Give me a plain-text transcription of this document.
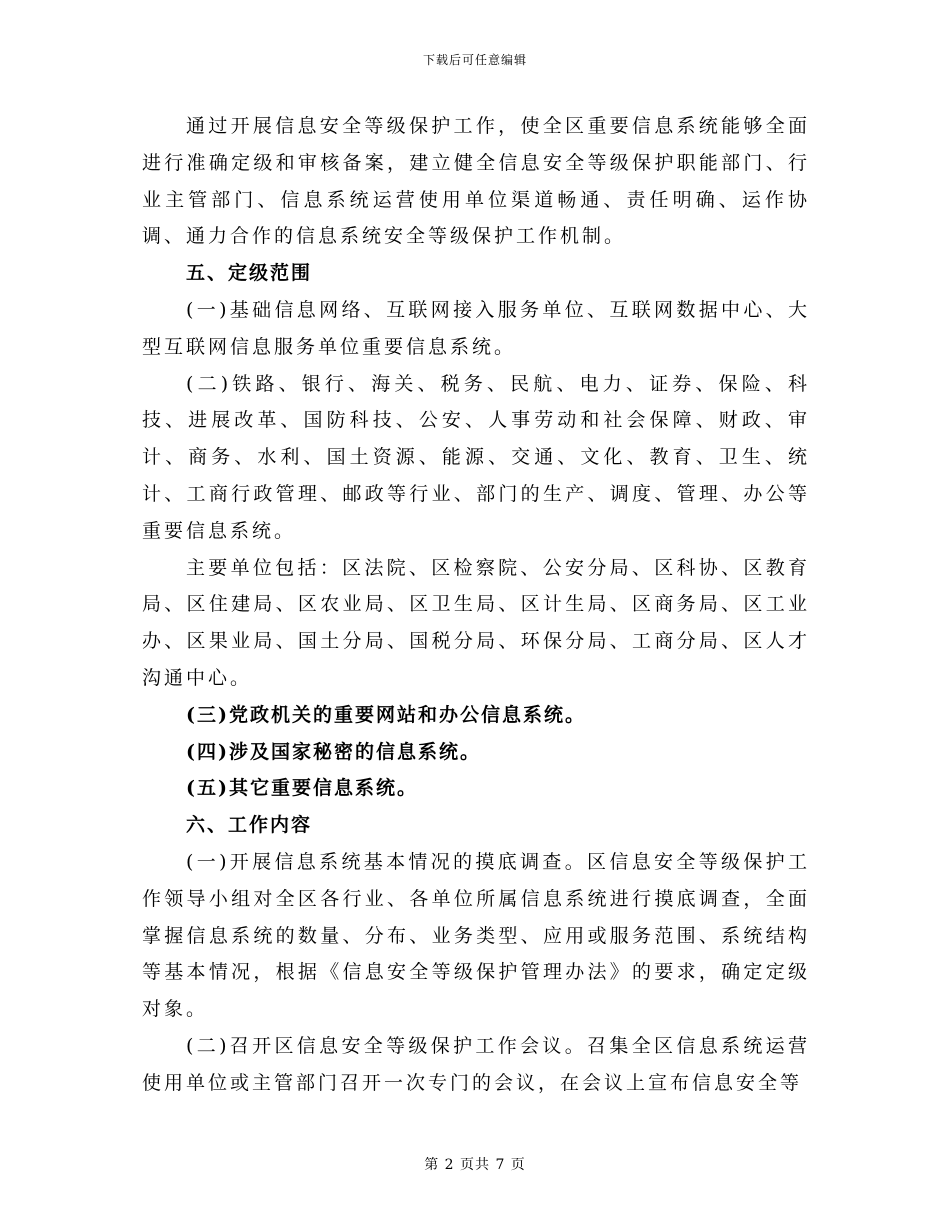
下载后可任意编辑

通过开展信息安全等级保护工作，使全区重要信息系统能够全面进行准确定级和审核备案，建立健全信息安全等级保护职能部门、行业主管部门、信息系统运营使用单位渠道畅通、责任明确、运作协调、通力合作的信息系统安全等级保护工作机制。

五、定级范围

(一)基础信息网络、互联网接入服务单位、互联网数据中心、大型互联网信息服务单位重要信息系统。

(二)铁路、银行、海关、税务、民航、电力、证券、保险、科技、进展改革、国防科技、公安、人事劳动和社会保障、财政、审计、商务、水利、国土资源、能源、交通、文化、教育、卫生、统计、工商行政管理、邮政等行业、部门的生产、调度、管理、办公等重要信息系统。

主要单位包括：区法院、区检察院、公安分局、区科协、区教育局、区住建局、区农业局、区卫生局、区计生局、区商务局、区工业办、区果业局、国土分局、国税分局、环保分局、工商分局、区人才沟通中心。

(三)党政机关的重要网站和办公信息系统。

(四)涉及国家秘密的信息系统。

(五)其它重要信息系统。

六、工作内容

(一)开展信息系统基本情况的摸底调查。区信息安全等级保护工作领导小组对全区各行业、各单位所属信息系统进行摸底调查，全面掌握信息系统的数量、分布、业务类型、应用或服务范围、系统结构等基本情况，根据《信息安全等级保护管理办法》的要求，确定定级对象。

(二)召开区信息安全等级保护工作会议。召集全区信息系统运营使用单位或主管部门召开一次专门的会议，在会议上宣布信息安全等

第 2 页共 7 页
